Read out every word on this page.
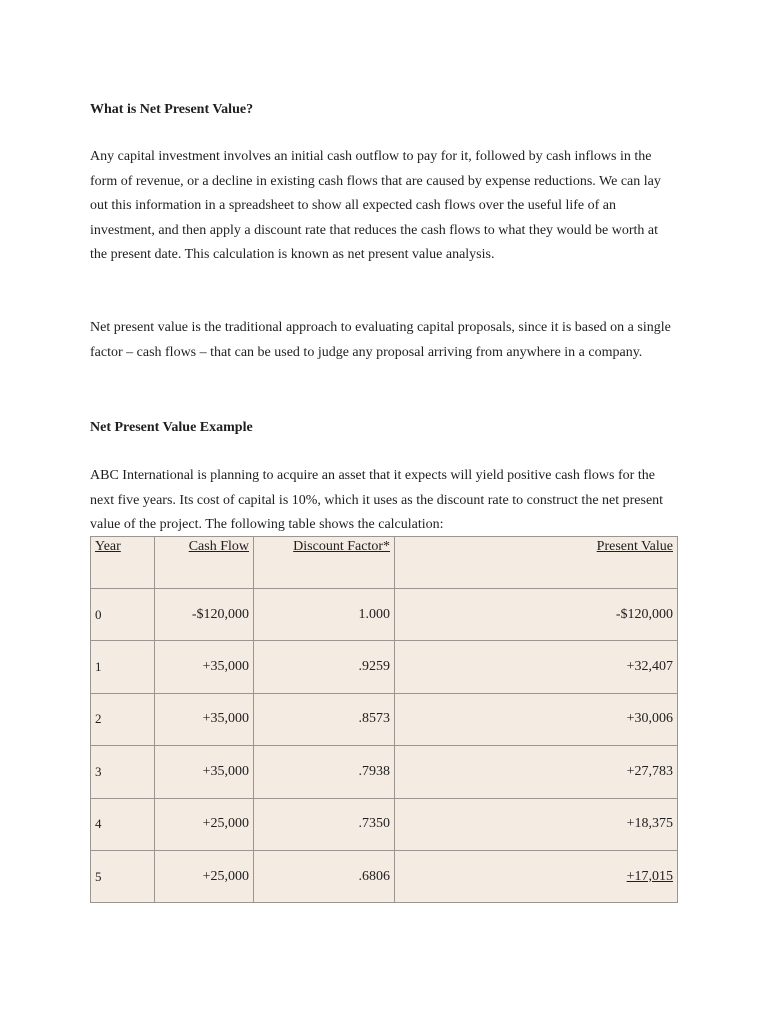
What is Net Present Value?
Any capital investment involves an initial cash outflow to pay for it, followed by cash inflows in the form of revenue, or a decline in existing cash flows that are caused by expense reductions. We can lay out this information in a spreadsheet to show all expected cash flows over the useful life of an investment, and then apply a discount rate that reduces the cash flows to what they would be worth at the present date. This calculation is known as net present value analysis.
Net present value is the traditional approach to evaluating capital proposals, since it is based on a single factor – cash flows – that can be used to judge any proposal arriving from anywhere in a company.
Net Present Value Example
ABC International is planning to acquire an asset that it expects will yield positive cash flows for the next five years. Its cost of capital is 10%, which it uses as the discount rate to construct the net present value of the project. The following table shows the calculation:
Year	Cash Flow	Discount Factor*	Present Value
0	-$120,000	1.000	-$120,000
1	+35,000	.9259	+32,407
2	+35,000	.8573	+30,006
3	+35,000	.7938	+27,783
4	+25,000	.7350	+18,375
5	+25,000	.6806	+17,015
